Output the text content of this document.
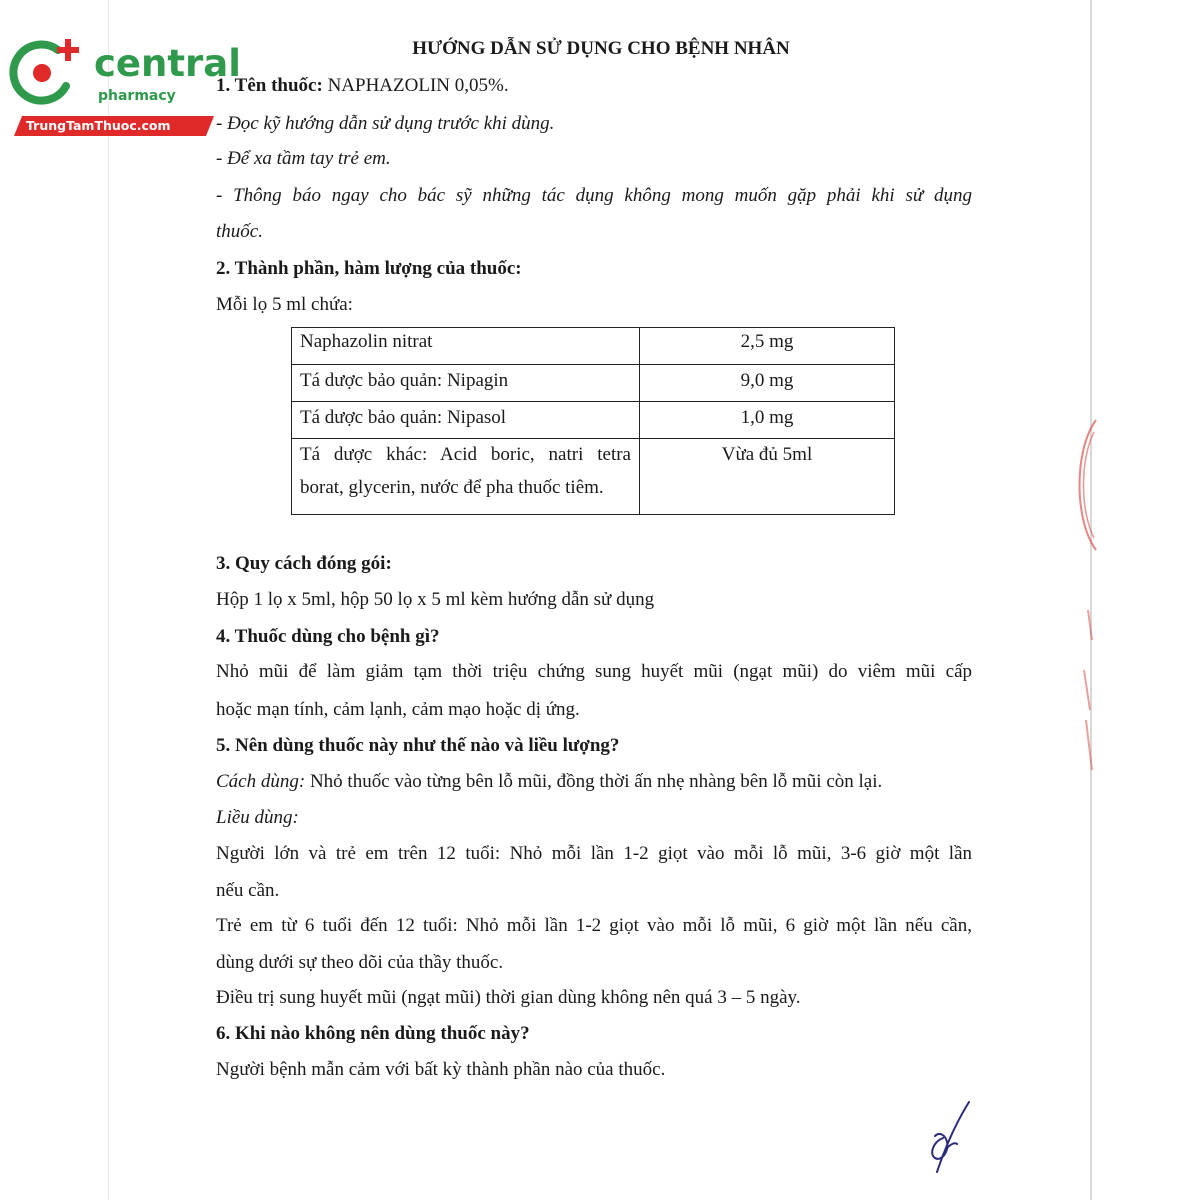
central
pharmacy
TrungTamThuoc.com
HƯỚNG DẪN SỬ DỤNG CHO BỆNH NHÂN
1. Tên thuốc: NAPHAZOLIN 0,05%.
- Đọc kỹ hướng dẫn sử dụng trước khi dùng.
- Để xa tầm tay trẻ em.
- Thông báo ngay cho bác sỹ những tác dụng không mong muốn gặp phải khi sử dụng
thuốc.
2. Thành phần, hàm lượng của thuốc:
Mỗi lọ 5 ml chứa:
Naphazolin nitrat	2,5 mg
Tá dược bảo quản: Nipagin	9,0 mg
Tá dược bảo quản: Nipasol	1,0 mg

Tá dược khác: Acid boric, natri tetra
borat, glycerin, nước để pha thuốc tiêm.	Vừa đủ 5ml
3. Quy cách đóng gói:
Hộp 1 lọ x 5ml, hộp 50 lọ x 5 ml kèm hướng dẫn sử dụng
4. Thuốc dùng cho bệnh gì?
Nhỏ mũi để làm giảm tạm thời triệu chứng sung huyết mũi (ngạt mũi) do viêm mũi cấp
hoặc mạn tính, cảm lạnh, cảm mạo hoặc dị ứng.
5. Nên dùng thuốc này như thế nào và liều lượng?
Cách dùng: Nhỏ thuốc vào từng bên lỗ mũi, đồng thời ấn nhẹ nhàng bên lỗ mũi còn lại.
Liều dùng:
Người lớn và trẻ em trên 12 tuổi: Nhỏ mỗi lần 1-2 giọt vào mỗi lỗ mũi, 3-6 giờ một lần
nếu cần.
Trẻ em từ 6 tuổi đến 12 tuổi: Nhỏ mỗi lần 1-2 giọt vào mỗi lỗ mũi, 6 giờ một lần nếu cần,
dùng dưới sự theo dõi của thầy thuốc.
Điều trị sung huyết mũi (ngạt mũi) thời gian dùng không nên quá 3 – 5 ngày.
6. Khi nào không nên dùng thuốc này?
Người bệnh mẫn cảm với bất kỳ thành phần nào của thuốc.
